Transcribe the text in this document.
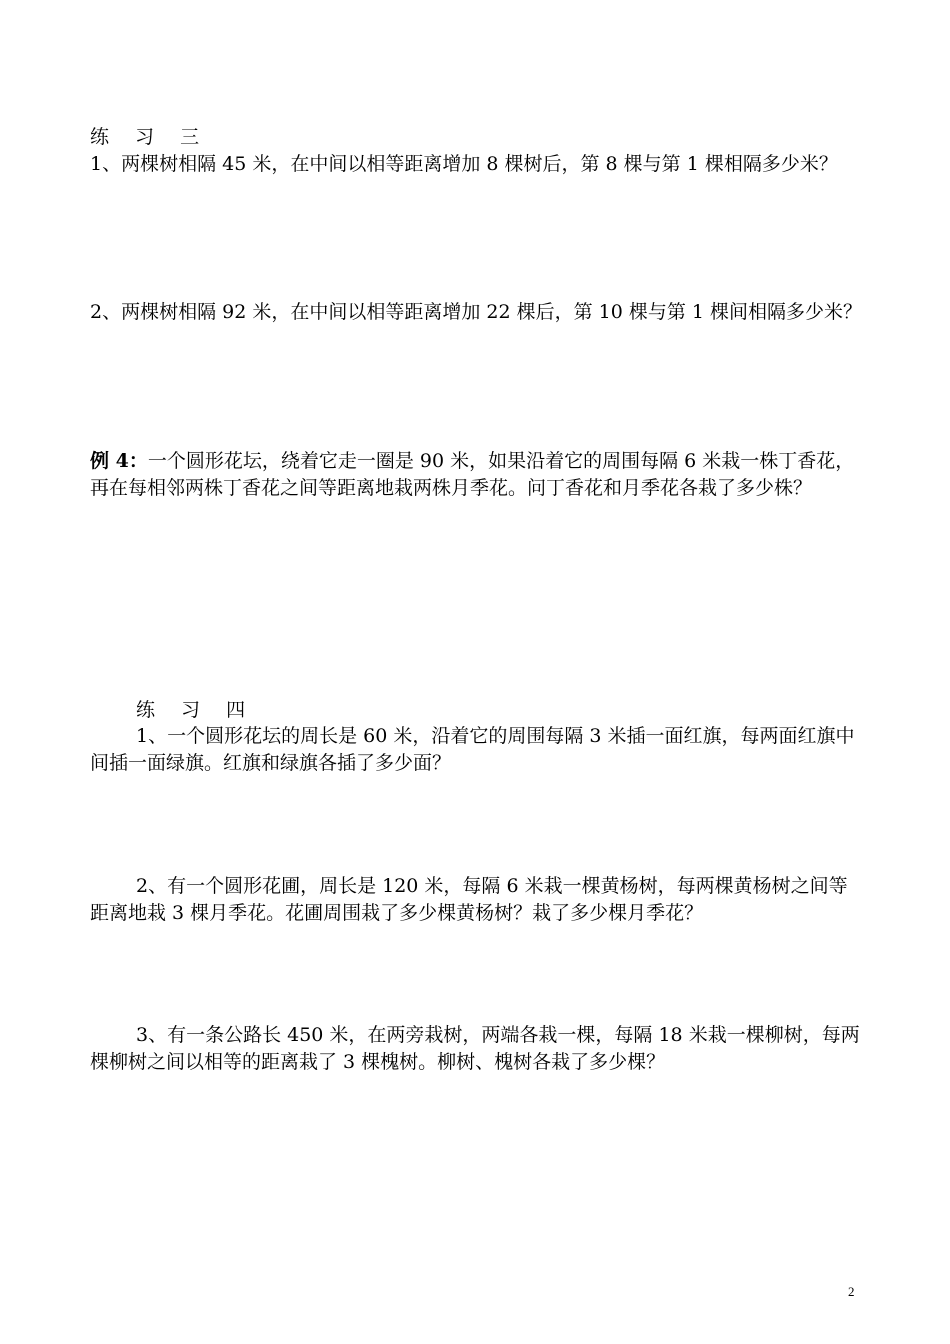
练 习 三

1、两棵树相隔 45 米，在中间以相等距离增加 8 棵树后，第 8 棵与第 1 棵相隔多少米？

2、两棵树相隔 92 米，在中间以相等距离增加 22 棵后，第 10 棵与第 1 棵间相隔多少米？

例 4：一个圆形花坛，绕着它走一圈是 90 米，如果沿着它的周围每隔 6 米栽一株丁香花，再在每相邻两株丁香花之间等距离地栽两株月季花。问丁香花和月季花各栽了多少株？

练 习 四

1、一个圆形花坛的周长是 60 米，沿着它的周围每隔 3 米插一面红旗，每两面红旗中间插一面绿旗。红旗和绿旗各插了多少面？

2、有一个圆形花圃，周长是 120 米，每隔 6 米栽一棵黄杨树，每两棵黄杨树之间等距离地栽 3 棵月季花。花圃周围栽了多少棵黄杨树？栽了多少棵月季花？

3、有一条公路长 450 米，在两旁栽树，两端各栽一棵，每隔 18 米栽一棵柳树，每两棵柳树之间以相等的距离栽了 3 棵槐树。柳树、槐树各栽了多少棵？

2
